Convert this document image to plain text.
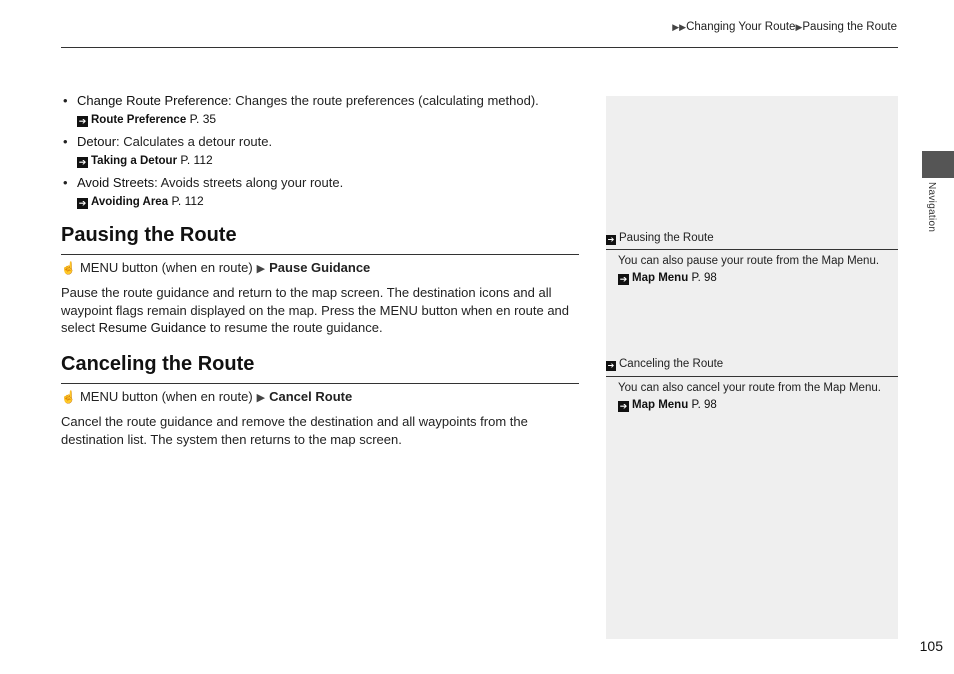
▶▶Changing Your Route▶Pausing the Route
• Change Route Preference: Changes the route preferences (calculating method).
➔ Route Preference P. 35
• Detour: Calculates a detour route.
➔ Taking a Detour P. 112
• Avoid Streets: Avoids streets along your route.
➔ Avoiding Area P. 112
Pausing the Route
☝ MENU button (when en route) ▶ Pause Guidance
Pause the route guidance and return to the map screen. The destination icons and all waypoint flags remain displayed on the map. Press the MENU button when en route and select Resume Guidance to resume the route guidance.
Canceling the Route
☝ MENU button (when en route) ▶ Cancel Route
Cancel the route guidance and remove the destination and all waypoints from the destination list. The system then returns to the map screen.
➔ Pausing the Route
You can also pause your route from the Map Menu.
➔ Map Menu P. 98
➔ Canceling the Route
You can also cancel your route from the Map Menu.
➔ Map Menu P. 98
Navigation
105
